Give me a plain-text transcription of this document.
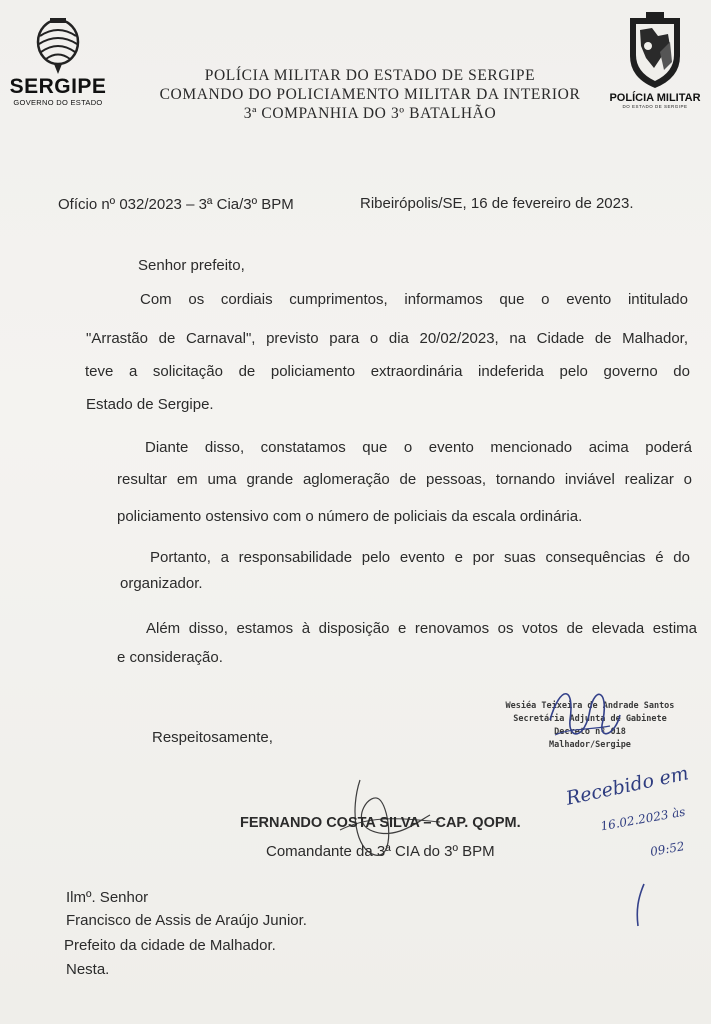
SERGIPE
GOVERNO DO ESTADO	POLÍCIA MILITAR
DO ESTADO DE SERGIPE
POLÍCIA MILITAR DO ESTADO DE SERGIPE
COMANDO DO POLICIAMENTO MILITAR DA INTERIOR
3ª COMPANHIA DO 3º BATALHÃO
Ofício nº 032/2023 – 3ª Cia/3º BPM	Ribeirópolis/SE, 16 de fevereiro de 2023.
Senhor prefeito,
Com os cordiais cumprimentos, informamos que o evento intitulado
"Arrastão de Carnaval", previsto para o dia 20/02/2023, na Cidade de Malhador,
teve a solicitação de policiamento extraordinária indeferida pelo governo do
Estado de Sergipe.
Diante disso, constatamos que o evento mencionado acima poderá
resultar em uma grande aglomeração de pessoas, tornando inviável realizar o
policiamento ostensivo com o número de policiais da escala ordinária.
Portanto, a responsabilidade pelo evento e por suas consequências é do
organizador.
Além disso, estamos à disposição e renovamos os votos de elevada estima
e consideração.
Respeitosamente,
Wesiéa Teixeira de Andrade Santos
Secretária Adjunta de Gabinete
Decreto nº 018
Malhador/Sergipe
Recebido em
16.02.2023 às
09:52
FERNANDO COSTA SILVA – CAP. QOPM.
Comandante da 3ª CIA do 3º BPM
Ilmº. Senhor
Francisco de Assis de Araújo Junior.
Prefeito da cidade de Malhador.
Nesta.
